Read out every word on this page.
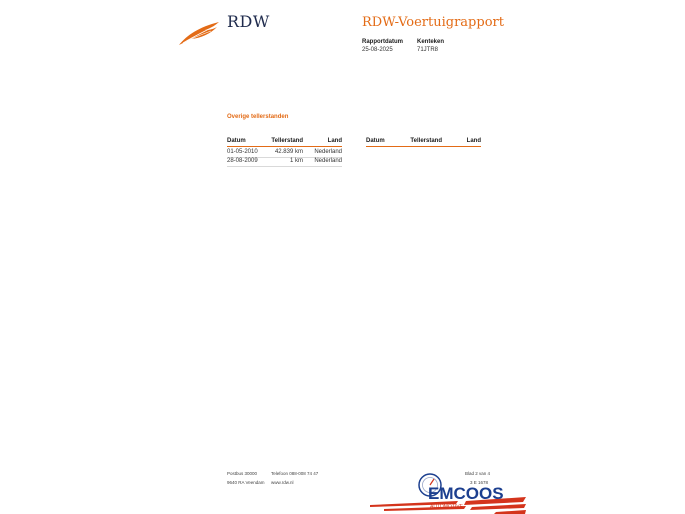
RDW	RDW-Voertuigrapport
Rapportdatum
25-08-2025
Kenteken
71JTR8
Overige tellerstanden
Datum	Tellerstand	Land
01-05-2010	42.839 km Nederland
28-08-2009	1 km Nederland
Datum	Tellerstand	Land
Postbus 30000
9640 RA Veendam
Telefoon 088-008 74 47
www.rdw.nl
Blad 2 van 4
3 E 1678
EMCOOS
AUTOMOTIVE
